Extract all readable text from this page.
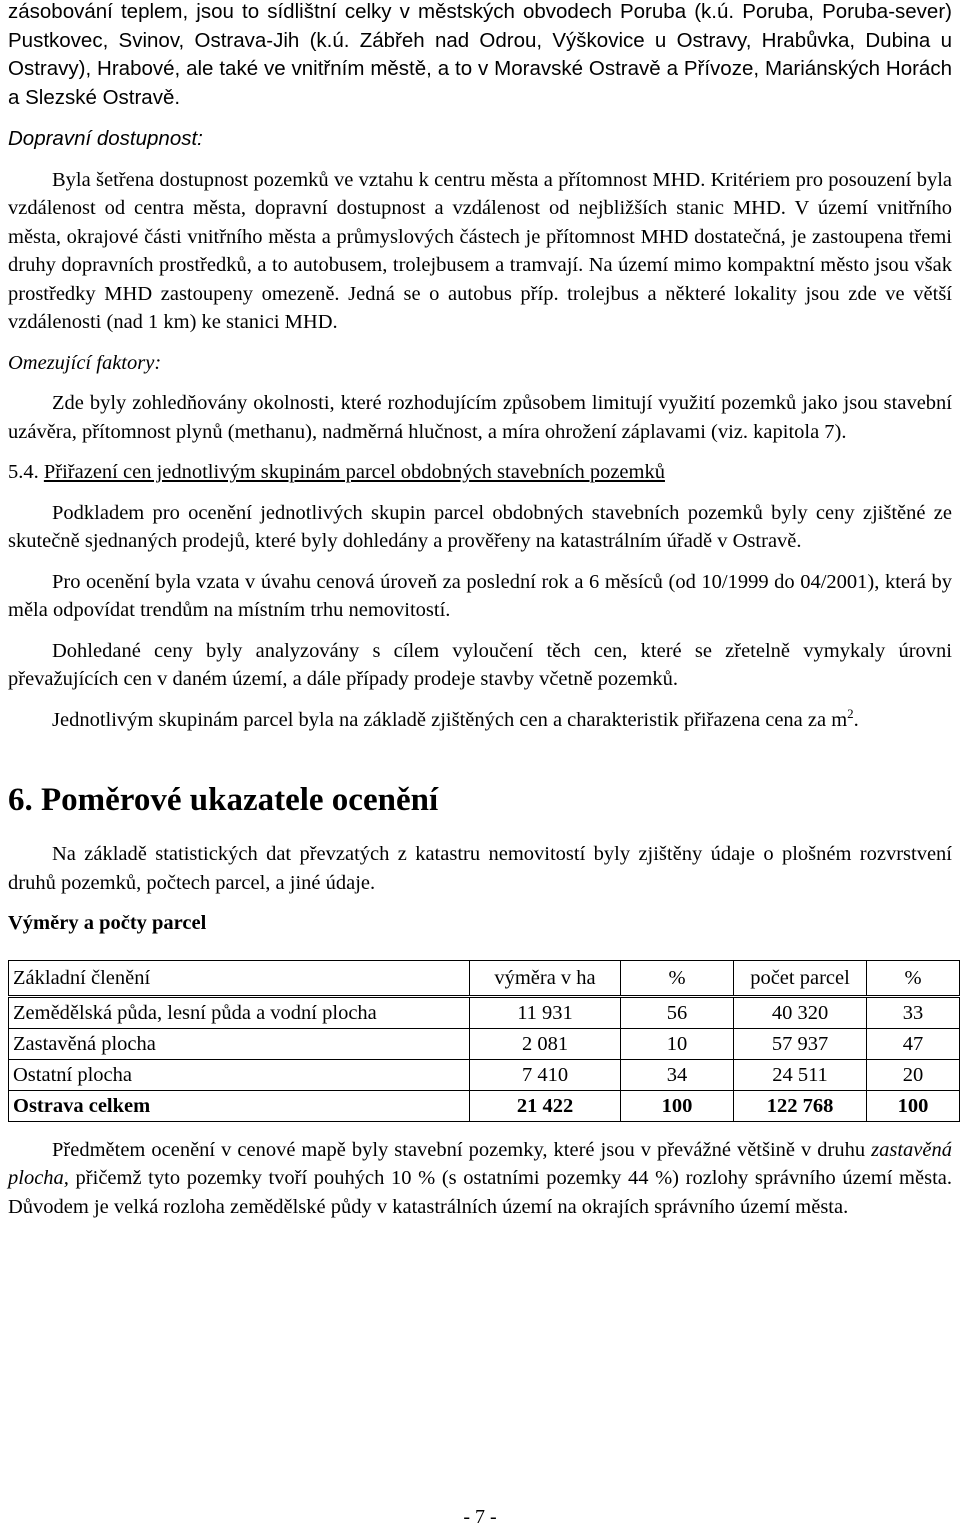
zásobování teplem, jsou to sídlištní celky v městských obvodech Poruba (k.ú. Poruba, Poruba-sever) Pustkovec, Svinov, Ostrava-Jih (k.ú. Zábřeh nad Odrou, Výškovice u Ostravy, Hrabůvka, Dubina u Ostravy), Hrabové, ale také ve vnitřním městě, a to v Moravské Ostravě a Přívoze, Mariánských Horách a Slezské Ostravě.

Dopravní dostupnost:

Byla šetřena dostupnost pozemků ve vztahu k centru města a přítomnost MHD. Kritériem pro posouzení byla vzdálenost od centra města, dopravní dostupnost a vzdálenost od nejbližších stanic MHD. V území vnitřního města, okrajové části vnitřního města a průmyslových částech je přítomnost MHD dostatečná, je zastoupena třemi druhy dopravních prostředků, a to autobusem, trolejbusem a tramvají. Na území mimo kompaktní město jsou však prostředky MHD zastoupeny omezeně. Jedná se o autobus příp. trolejbus a některé lokality jsou zde ve větší vzdálenosti (nad 1 km) ke stanici MHD.

Omezující faktory:

Zde byly zohledňovány okolnosti, které rozhodujícím způsobem limitují využití pozemků jako jsou stavební uzávěra, přítomnost plynů (methanu), nadměrná hlučnost, a míra ohrožení záplavami (viz. kapitola 7).

5.4. Přiřazení cen jednotlivým skupinám parcel obdobných stavebních pozemků

Podkladem pro ocenění jednotlivých skupin parcel obdobných stavebních pozemků byly ceny zjištěné ze skutečně sjednaných prodejů, které byly dohledány a prověřeny na katastrálním úřadě v Ostravě.

Pro ocenění byla vzata v úvahu cenová úroveň za poslední rok a 6 měsíců (od 10/1999 do 04/2001), která by měla odpovídat trendům na místním trhu nemovitostí.

Dohledané ceny byly analyzovány s cílem vyloučení těch cen, které se zřetelně vymykaly úrovni převažujících cen v daném území, a dále případy prodeje stavby včetně pozemků.

Jednotlivým skupinám parcel byla na základě zjištěných cen a charakteristik přiřazena cena za $m^2$.

6. Poměrové ukazatele ocenění

Na základě statistických dat převzatých z katastru nemovitostí byly zjištěny údaje o plošném rozvrstvení druhů pozemků, počtech parcel, a jiné údaje.

Výměry a počty parcel

Základní členění	výměra v ha	%	počet parcel	%
Zemědělská půda, lesní půda a vodní plocha	11 931	56	40 320	33
Zastavěná plocha	2 081	10	57 937	47
Ostatní plocha	7 410	34	24 511	20
Ostrava celkem	21 422	100	122 768	100

Předmětem ocenění v cenové mapě byly stavební pozemky, které jsou v převážné většině v druhu zastavěná plocha, přičemž tyto pozemky tvoří pouhých 10 % (s ostatními pozemky 44 %) rozlohy správního území města. Důvodem je velká rozloha zemědělské půdy v katastrálních území na okrajích správního území města.

- 7 -
